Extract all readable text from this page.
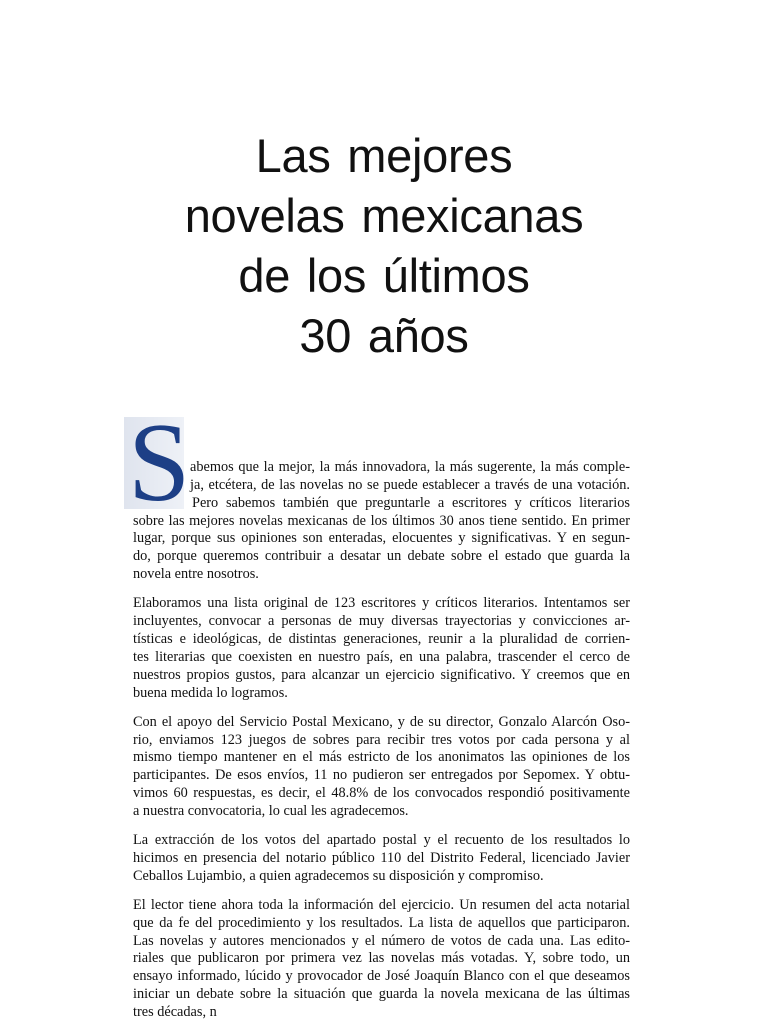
Las mejores
novelas mexicanas
de los últimos
30 años
S abemos que la mejor, la más innovadora, la más sugerente, la más comple-
ja, etcétera, de las novelas no se puede establecer a través de una votación.
Pero sabemos también que preguntarle a escritores y críticos literarios
sobre las mejores novelas mexicanas de los últimos 30 anos tiene sentido. En primer
lugar, porque sus opiniones son enteradas, elocuentes y significativas. Y en segun-
do, porque queremos contribuir a desatar un debate sobre el estado que guarda la
novela entre nosotros.
Elaboramos una lista original de 123 escritores y críticos literarios. Intentamos ser
incluyentes, convocar a personas de muy diversas trayectorias y convicciones ar-
tísticas e ideológicas, de distintas generaciones, reunir a la pluralidad de corrien-
tes literarias que coexisten en nuestro país, en una palabra, trascender el cerco de
nuestros propios gustos, para alcanzar un ejercicio significativo. Y creemos que en
buena medida lo logramos.
Con el apoyo del Servicio Postal Mexicano, y de su director, Gonzalo Alarcón Oso-
rio, enviamos 123 juegos de sobres para recibir tres votos por cada persona y al
mismo tiempo mantener en el más estricto de los anonimatos las opiniones de los
participantes. De esos envíos, 11 no pudieron ser entregados por Sepomex. Y obtu-
vimos 60 respuestas, es decir, el 48.8% de los convocados respondió positivamente
a nuestra convocatoria, lo cual les agradecemos.
La extracción de los votos del apartado postal y el recuento de los resultados lo
hicimos en presencia del notario público 110 del Distrito Federal, licenciado Javier
Ceballos Lujambio, a quien agradecemos su disposición y compromiso.
El lector tiene ahora toda la información del ejercicio. Un resumen del acta notarial
que da fe del procedimiento y los resultados. La lista de aquellos que participaron.
Las novelas y autores mencionados y el número de votos de cada una. Las edito-
riales que publicaron por primera vez las novelas más votadas. Y, sobre todo, un
ensayo informado, lúcido y provocador de José Joaquín Blanco con el que deseamos
iniciar un debate sobre la situación que guarda la novela mexicana de las últimas
tres décadas, n
